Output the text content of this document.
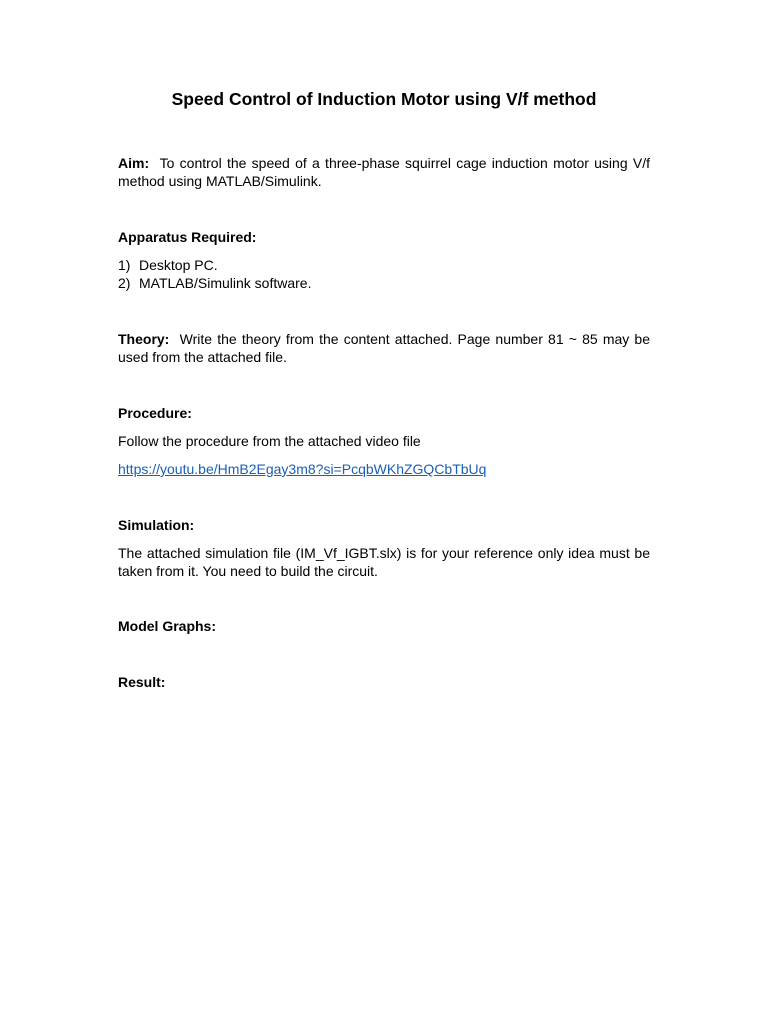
Speed Control of Induction Motor using V/f method

Aim: To control the speed of a three-phase squirrel cage induction motor using V/f method using MATLAB/Simulink.

Apparatus Required:

1) Desktop PC.
2) MATLAB/Simulink software.

Theory: Write the theory from the content attached. Page number 81 ~ 85 may be used from the attached file.

Procedure:

Follow the procedure from the attached video file

https://youtu.be/HmB2Egay3m8?si=PcqbWKhZGQCbTbUq

Simulation:

The attached simulation file (IM_Vf_IGBT.slx) is for your reference only idea must be taken from it. You need to build the circuit.

Model Graphs:

Result:
